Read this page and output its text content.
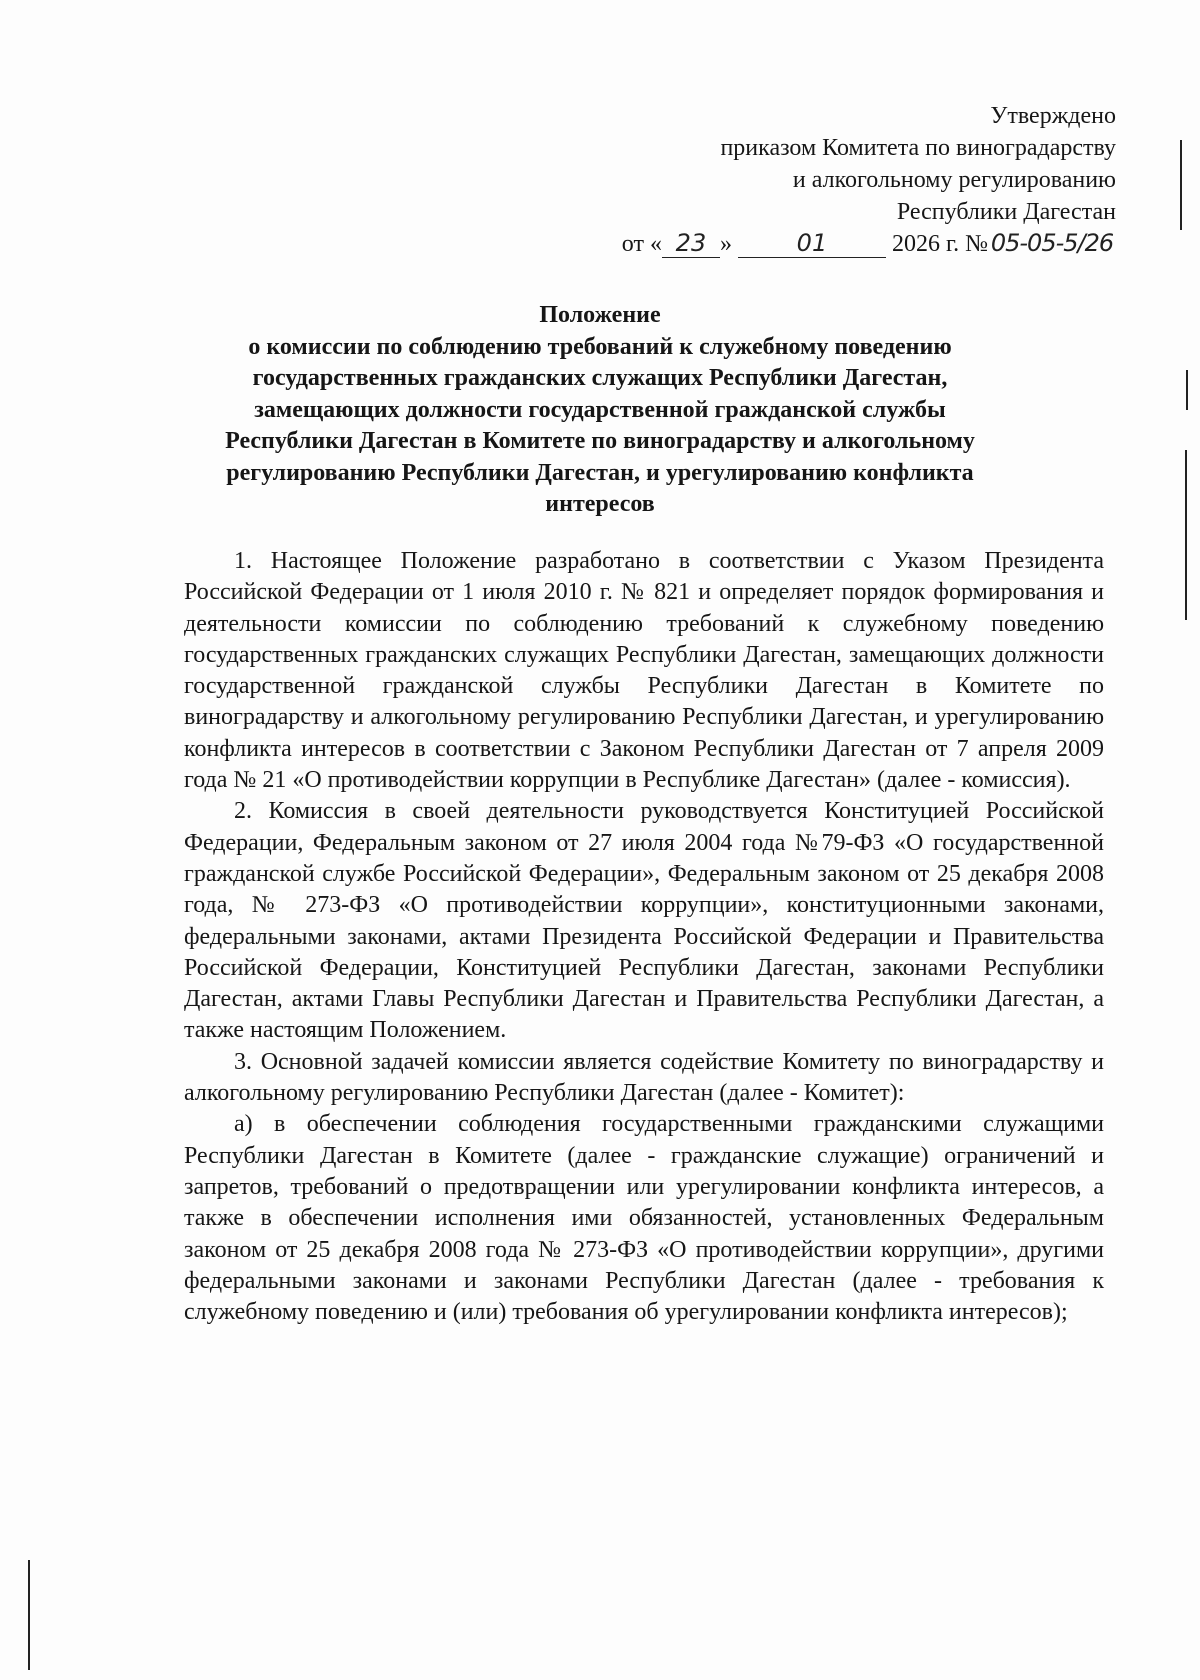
Утверждено
приказом Комитета по виноградарству
и алкогольному регулированию
Республики Дагестан
от « 23 »	01	2026 г. № 05-05-5/26
Положение
о комиссии по соблюдению требований к служебному поведению
государственных гражданских служащих Республики Дагестан,
замещающих должности государственной гражданской службы
Республики Дагестан в Комитете по виноградарству и алкогольному
регулированию Республики Дагестан, и урегулированию конфликта
интересов

1. Настоящее Положение разработано в соответствии с Указом Президента Российской Федерации от 1 июля 2010 г. № 821 и определяет порядок формирования и деятельности комиссии по соблюдению требований к служебному поведению государственных гражданских служащих Республики Дагестан, замещающих должности государственной гражданской службы Республики Дагестан в Комитете по виноградарству и алкогольному регулированию Республики Дагестан, и урегулированию конфликта интересов в соответствии с Законом Республики Дагестан от 7 апреля 2009 года № 21 «О противодействии коррупции в Республике Дагестан» (далее - комиссия).

2. Комиссия в своей деятельности руководствуется Конституцией Российской Федерации, Федеральным законом от 27 июля 2004 года №79-ФЗ «О государственной гражданской службе Российской Федерации», Федеральным законом от 25 декабря 2008 года, № 273-ФЗ «О противодействии коррупции», конституционными законами, федеральными законами, актами Президента Российской Федерации и Правительства Российской Федерации, Конституцией Республики Дагестан, законами Республики Дагестан, актами Главы Республики Дагестан и Правительства Республики Дагестан, а также настоящим Положением.

3. Основной задачей комиссии является содействие Комитету по виноградарству и алкогольному регулированию Республики Дагестан (далее - Комитет):

а) в обеспечении соблюдения государственными гражданскими служащими Республики Дагестан в Комитете (далее - гражданские служащие) ограничений и запретов, требований о предотвращении или урегулировании конфликта интересов, а также в обеспечении исполнения ими обязанностей, установленных Федеральным законом от 25 декабря 2008 года № 273-ФЗ «О противодействии коррупции», другими федеральными законами и законами Республики Дагестан (далее - требования к служебному поведению и (или) требования об урегулировании конфликта интересов);
